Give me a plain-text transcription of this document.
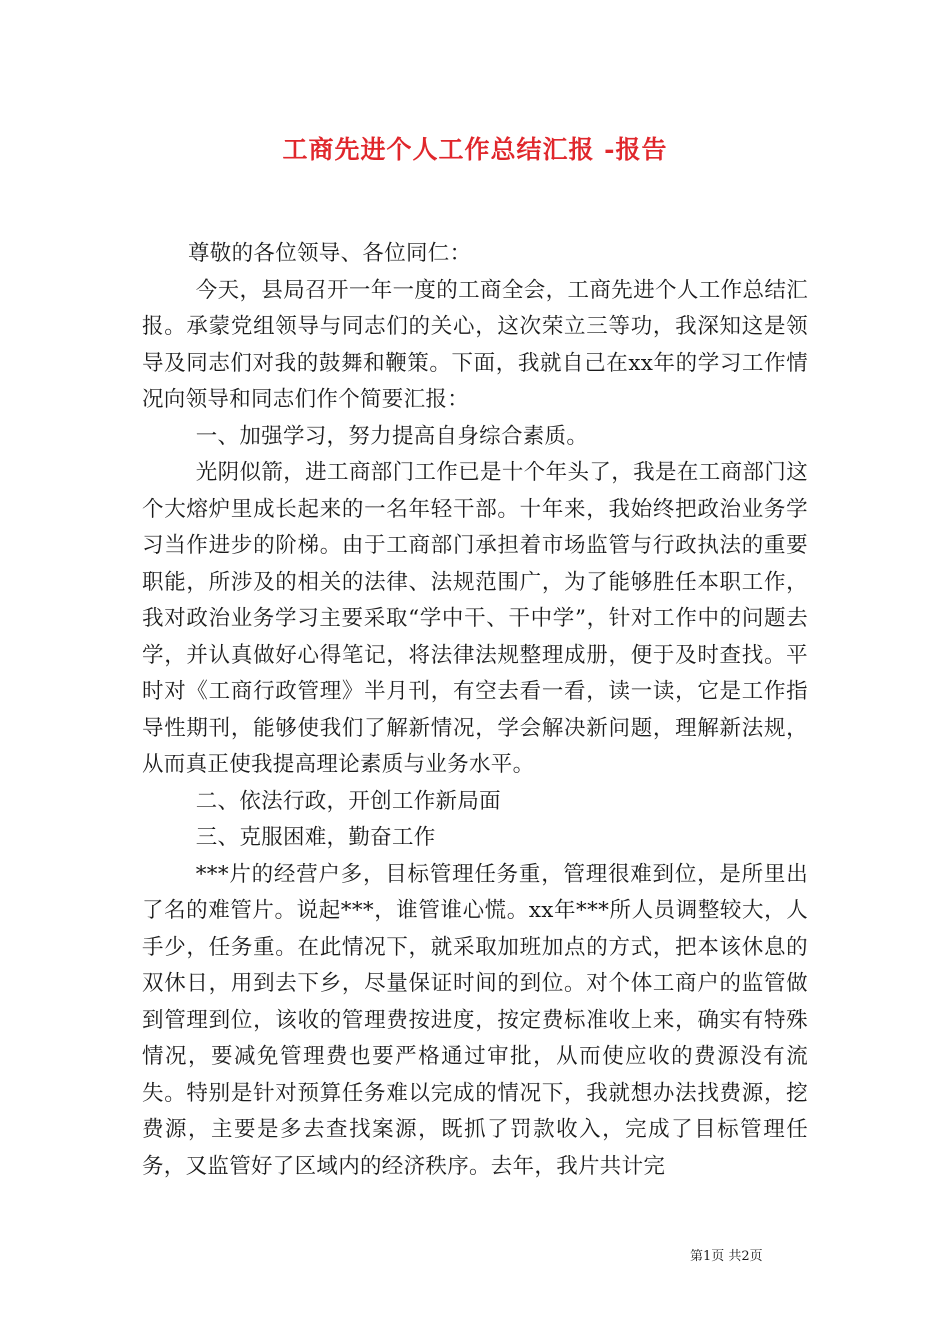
工商先进个人工作总结汇报 -报告

尊敬的各位领导、各位同仁：

今天，县局召开一年一度的工商全会，工商先进个人工作总结汇报。承蒙党组领导与同志们的关心，这次荣立三等功，我深知这是领导及同志们对我的鼓舞和鞭策。下面，我就自己在xx年的学习工作情况向领导和同志们作个简要汇报：

一、加强学习，努力提高自身综合素质。

光阴似箭，进工商部门工作已是十个年头了，我是在工商部门这个大熔炉里成长起来的一名年轻干部。十年来，我始终把政治业务学习当作进步的阶梯。由于工商部门承担着市场监管与行政执法的重要职能，所涉及的相关的法律、法规范围广，为了能够胜任本职工作，我对政治业务学习主要采取“学中干、干中学”，针对工作中的问题去学，并认真做好心得笔记，将法律法规整理成册，便于及时查找。平时对《工商行政管理》半月刊，有空去看一看，读一读，它是工作指导性期刊，能够使我们了解新情况，学会解决新问题，理解新法规，从而真正使我提高理论素质与业务水平。

二、依法行政，开创工作新局面

三、克服困难，勤奋工作

***片的经营户多，目标管理任务重，管理很难到位，是所里出了名的难管片。说起***，谁管谁心慌。xx年***所人员调整较大，人手少，任务重。在此情况下，就采取加班加点的方式，把本该休息的双休日，用到去下乡，尽量保证时间的到位。对个体工商户的监管做到管理到位，该收的管理费按进度，按定费标准收上来，确实有特殊情况，要减免管理费也要严格通过审批，从而使应收的费源没有流失。特别是针对预算任务难以完成的情况下，我就想办法找费源，挖费源，主要是多去查找案源，既抓了罚款收入，完成了目标管理任务，又监管好了区域内的经济秩序。去年，我片共计完

第1页 共2页
